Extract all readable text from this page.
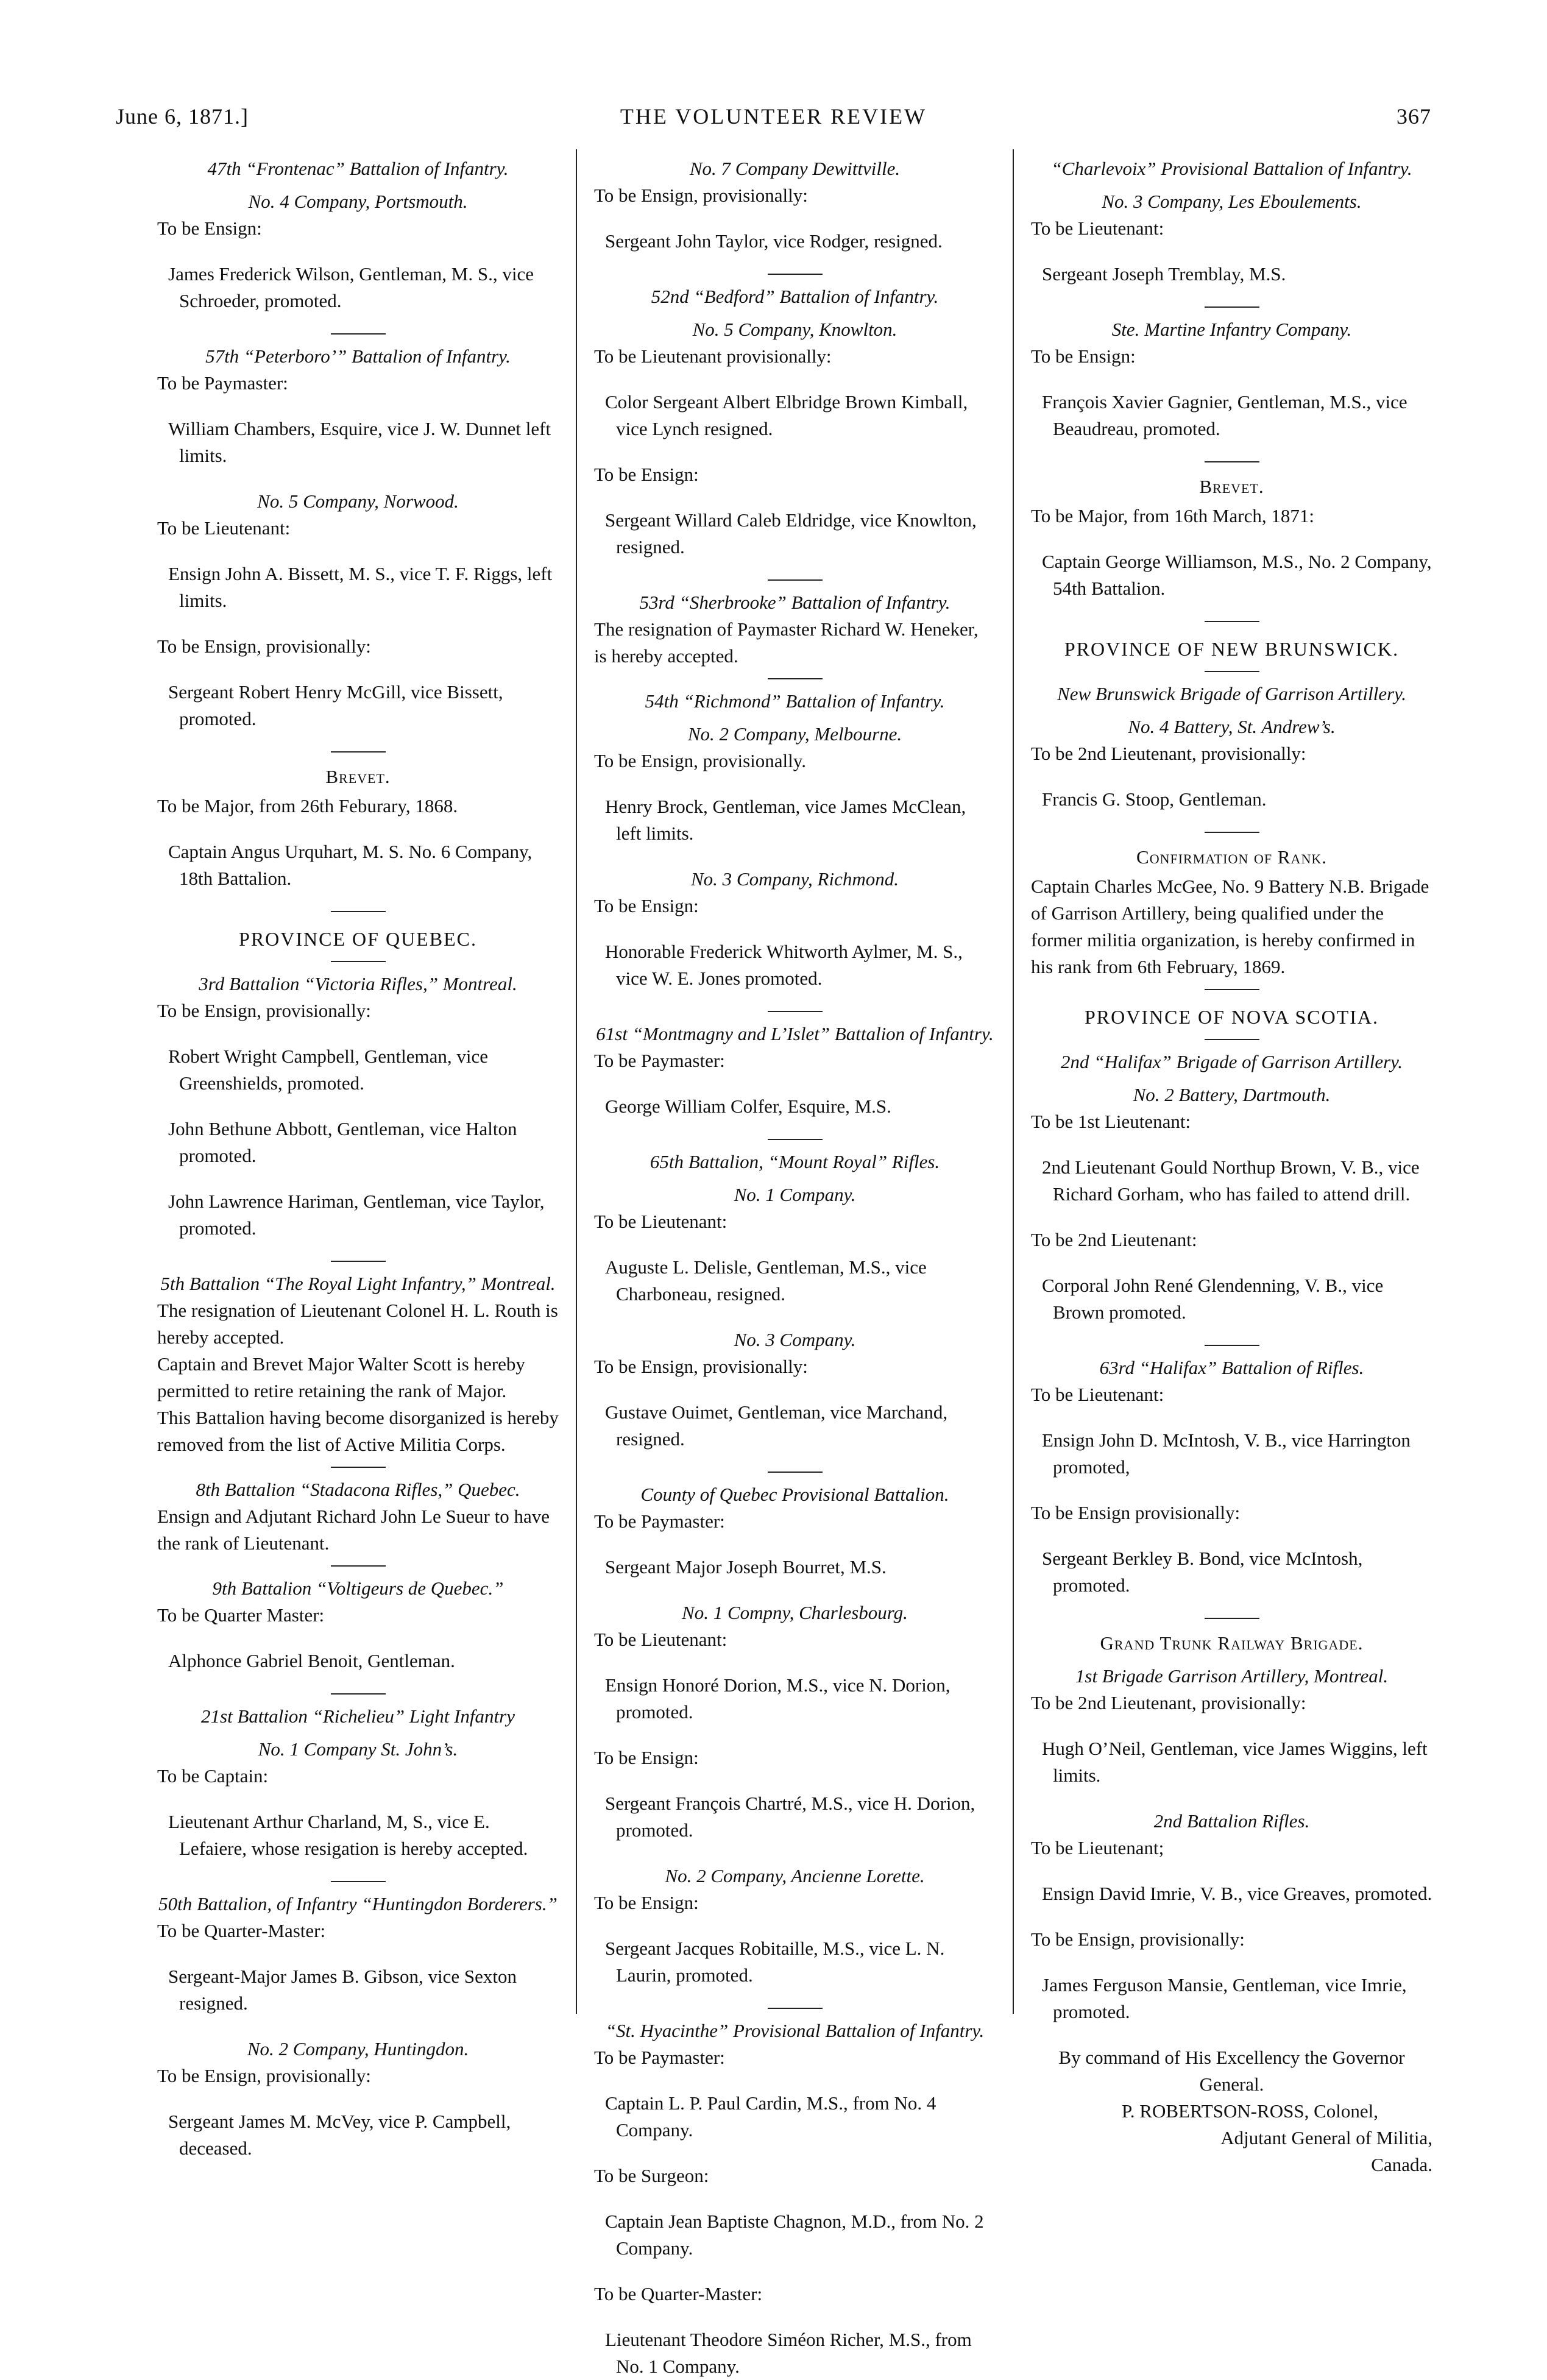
June 6, 1871.]	THE VOLUNTEER REVIEW	367

47th “Frontenac” Battalion of Infantry.

No. 4 Company, Portsmouth.

To be Ensign:

James Frederick Wilson, Gentleman, M. S., vice Schroeder, promoted.

57th “Peterboro’” Battalion of Infantry.

To be Paymaster:

William Chambers, Esquire, vice J. W. Dunnet left limits.

No. 5 Company, Norwood.

To be Lieutenant:

Ensign John A. Bissett, M. S., vice T. F. Riggs, left limits.

To be Ensign, provisionally:

Sergeant Robert Henry McGill, vice Bissett, promoted.

Brevet.

To be Major, from 26th Feburary, 1868.

Captain Angus Urquhart, M. S. No. 6 Company, 18th Battalion.

PROVINCE OF QUEBEC.

3rd Battalion “Victoria Rifles,” Montreal.

To be Ensign, provisionally:

Robert Wright Campbell, Gentleman, vice Greenshields, promoted.

John Bethune Abbott, Gentleman, vice Halton promoted.

John Lawrence Hariman, Gentleman, vice Taylor, promoted.

5th Battalion “The Royal Light Infantry,” Montreal.

The resignation of Lieutenant Colonel H. L. Routh is hereby accepted.

Captain and Brevet Major Walter Scott is hereby permitted to retire retaining the rank of Major.

This Battalion having become disorganized is hereby removed from the list of Active Militia Corps.

8th Battalion “Stadacona Rifles,” Quebec.

Ensign and Adjutant Richard John Le Sueur to have the rank of Lieutenant.

9th Battalion “Voltigeurs de Quebec.”

To be Quarter Master:

Alphonce Gabriel Benoit, Gentleman.

21st Battalion “Richelieu” Light Infantry

No. 1 Company St. John’s.

To be Captain:

Lieutenant Arthur Charland, M, S., vice E. Lefaiere, whose resigation is hereby accepted.

50th Battalion, of Infantry “Huntingdon Borderers.”

To be Quarter-Master:

Sergeant-Major James B. Gibson, vice Sexton resigned.

No. 2 Company, Huntingdon.

To be Ensign, provisionally:

Sergeant James M. McVey, vice P. Campbell, deceased.

No. 7 Company Dewittville.

To be Ensign, provisionally:

Sergeant John Taylor, vice Rodger, resigned.

52nd “Bedford” Battalion of Infantry.

No. 5 Company, Knowlton.

To be Lieutenant provisionally:

Color Sergeant Albert Elbridge Brown Kimball, vice Lynch resigned.

To be Ensign:

Sergeant Willard Caleb Eldridge, vice Knowlton, resigned.

53rd “Sherbrooke” Battalion of Infantry.

The resignation of Paymaster Richard W. Heneker, is hereby accepted.

54th “Richmond” Battalion of Infantry.

No. 2 Company, Melbourne.

To be Ensign, provisionally.

Henry Brock, Gentleman, vice James McClean, left limits.

No. 3 Company, Richmond.

To be Ensign:

Honorable Frederick Whitworth Aylmer, M. S., vice W. E. Jones promoted.

61st “Montmagny and L’Islet” Battalion of Infantry.

To be Paymaster:

George William Colfer, Esquire, M.S.

65th Battalion, “Mount Royal” Rifles.

No. 1 Company.

To be Lieutenant:

Auguste L. Delisle, Gentleman, M.S., vice Charboneau, resigned.

No. 3 Company.

To be Ensign, provisionally:

Gustave Ouimet, Gentleman, vice Marchand, resigned.

County of Quebec Provisional Battalion.

To be Paymaster:

Sergeant Major Joseph Bourret, M.S.

No. 1 Compny, Charlesbourg.

To be Lieutenant:

Ensign Honoré Dorion, M.S., vice N. Dorion, promoted.

To be Ensign:

Sergeant François Chartré, M.S., vice H. Dorion, promoted.

No. 2 Company, Ancienne Lorette.

To be Ensign:

Sergeant Jacques Robitaille, M.S., vice L. N. Laurin, promoted.

“St. Hyacinthe” Provisional Battalion of Infantry.

To be Paymaster:

Captain L. P. Paul Cardin, M.S., from No. 4 Company.

To be Surgeon:

Captain Jean Baptiste Chagnon, M.D., from No. 2 Company.

To be Quarter-Master:

Lieutenant Theodore Siméon Richer, M.S., from No. 1 Company.

“Charlevoix” Provisional Battalion of Infantry.

No. 3 Company, Les Eboulements.

To be Lieutenant:

Sergeant Joseph Tremblay, M.S.

Ste. Martine Infantry Company.

To be Ensign:

François Xavier Gagnier, Gentleman, M.S., vice Beaudreau, promoted.

Brevet.

To be Major, from 16th March, 1871:

Captain George Williamson, M.S., No. 2 Company, 54th Battalion.

PROVINCE OF NEW BRUNSWICK.

New Brunswick Brigade of Garrison Artillery.

No. 4 Battery, St. Andrew’s.

To be 2nd Lieutenant, provisionally:

Francis G. Stoop, Gentleman.

Confirmation of Rank.

Captain Charles McGee, No. 9 Battery N.B. Brigade of Garrison Artillery, being qualified under the former militia organization, is hereby confirmed in his rank from 6th February, 1869.

PROVINCE OF NOVA SCOTIA.

2nd “Halifax” Brigade of Garrison Artillery.

No. 2 Battery, Dartmouth.

To be 1st Lieutenant:

2nd Lieutenant Gould Northup Brown, V. B., vice Richard Gorham, who has failed to attend drill.

To be 2nd Lieutenant:

Corporal John René Glendenning, V. B., vice Brown promoted.

63rd “Halifax” Battalion of Rifles.

To be Lieutenant:

Ensign John D. McIntosh, V. B., vice Harrington promoted,

To be Ensign provisionally:

Sergeant Berkley B. Bond, vice McIntosh, promoted.

Grand Trunk Railway Brigade.

1st Brigade Garrison Artillery, Montreal.

To be 2nd Lieutenant, provisionally:

Hugh O’Neil, Gentleman, vice James Wiggins, left limits.

2nd Battalion Rifles.

To be Lieutenant;

Ensign David Imrie, V. B., vice Greaves, promoted.

To be Ensign, provisionally:

James Ferguson Mansie, Gentleman, vice Imrie, promoted.

By command of His Excellency the Governor General.

P. ROBERTSON-ROSS, Colonel,

Adjutant General of Militia,

Canada.
